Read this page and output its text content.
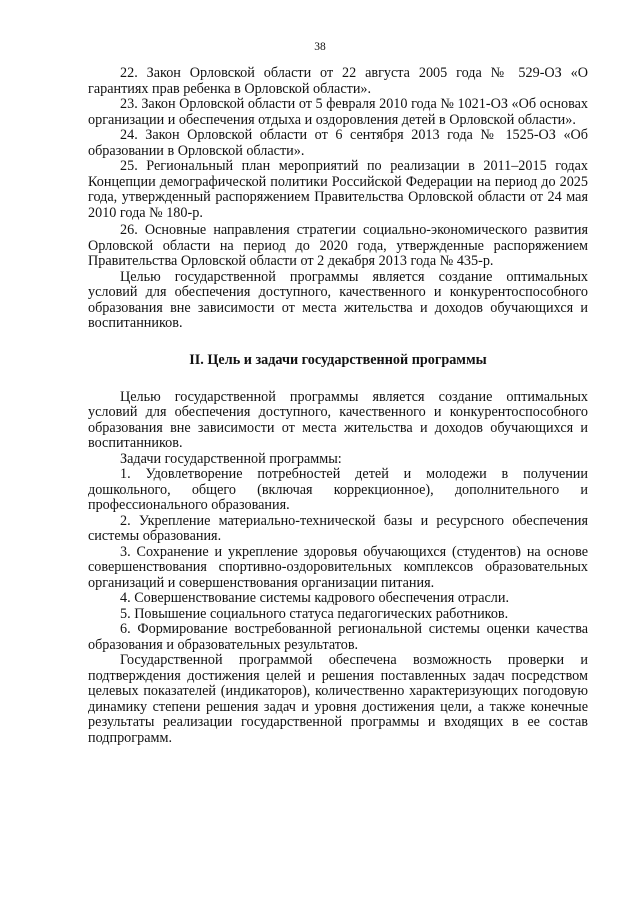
38

22. Закон Орловской области от 22 августа 2005 года № 529-ОЗ «О гарантиях прав ребенка в Орловской области».

23. Закон Орловской области от 5 февраля 2010 года № 1021-ОЗ «Об основах организации и обеспечения отдыха и оздоровления детей в Орловской области».

24. Закон Орловской области от 6 сентября 2013 года № 1525-ОЗ «Об образовании в Орловской области».

25. Региональный план мероприятий по реализации в 2011–2015 годах Концепции демографической политики Российской Федерации на период до 2025 года, утвержденный распоряжением Правительства Орловской области от 24 мая 2010 года № 180-р.

26. Основные направления стратегии социально-экономического развития Орловской области на период до 2020 года, утвержденные распоряжением Правительства Орловской области от 2 декабря 2013 года № 435-р.

Целью государственной программы является создание оптимальных условий для обеспечения доступного, качественного и конкурентоспособного образования вне зависимости от места жительства и доходов обучающихся и воспитанников.

II. Цель и задачи государственной программы

Целью государственной программы является создание оптимальных условий для обеспечения доступного, качественного и конкурентоспособного образования вне зависимости от места жительства и доходов обучающихся и воспитанников.

Задачи государственной программы:

1. Удовлетворение потребностей детей и молодежи в получении дошкольного, общего (включая коррекционное), дополнительного и профессионального образования.

2. Укрепление материально-технической базы и ресурсного обеспечения системы образования.

3. Сохранение и укрепление здоровья обучающихся (студентов) на основе совершенствования спортивно-оздоровительных комплексов образовательных организаций и совершенствования организации питания.

4. Совершенствование системы кадрового обеспечения отрасли.

5. Повышение социального статуса педагогических работников.

6. Формирование востребованной региональной системы оценки качества образования и образовательных результатов.

Государственной программой обеспечена возможность проверки и подтверждения достижения целей и решения поставленных задач посредством целевых показателей (индикаторов), количественно характеризующих погодовую динамику степени решения задач и уровня достижения цели, а также конечные результаты реализации государственной программы и входящих в ее состав подпрограмм.
